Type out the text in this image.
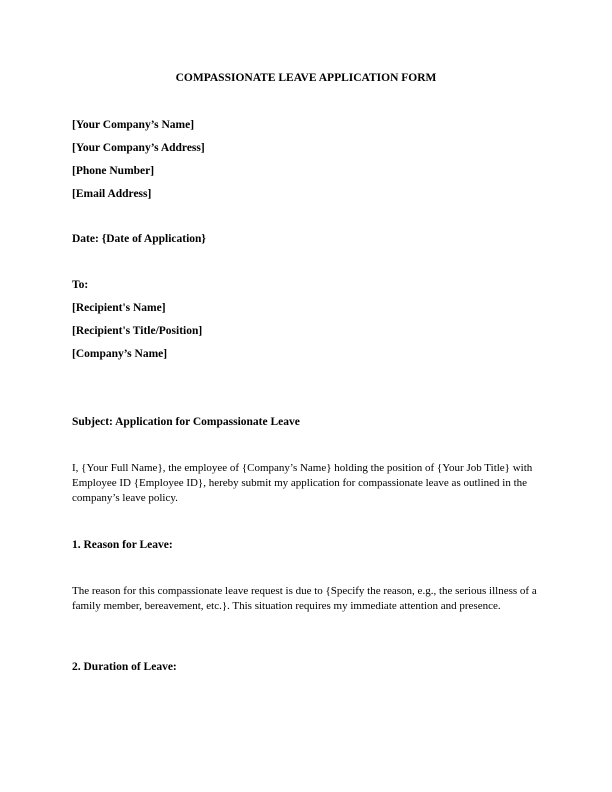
COMPASSIONATE LEAVE APPLICATION FORM
[Your Company’s Name]
[Your Company’s Address]
[Phone Number]
[Email Address]
Date: {Date of Application}
To:
[Recipient's Name]
[Recipient's Title/Position]
[Company’s Name]
Subject: Application for Compassionate Leave
I, {Your Full Name}, the employee of {Company’s Name} holding the position of {Your Job Title} with Employee ID {Employee ID}, hereby submit my application for compassionate leave as outlined in the company’s leave policy.
1. Reason for Leave:
The reason for this compassionate leave request is due to {Specify the reason, e.g., the serious illness of a family member, bereavement, etc.}. This situation requires my immediate attention and presence.
2. Duration of Leave:
